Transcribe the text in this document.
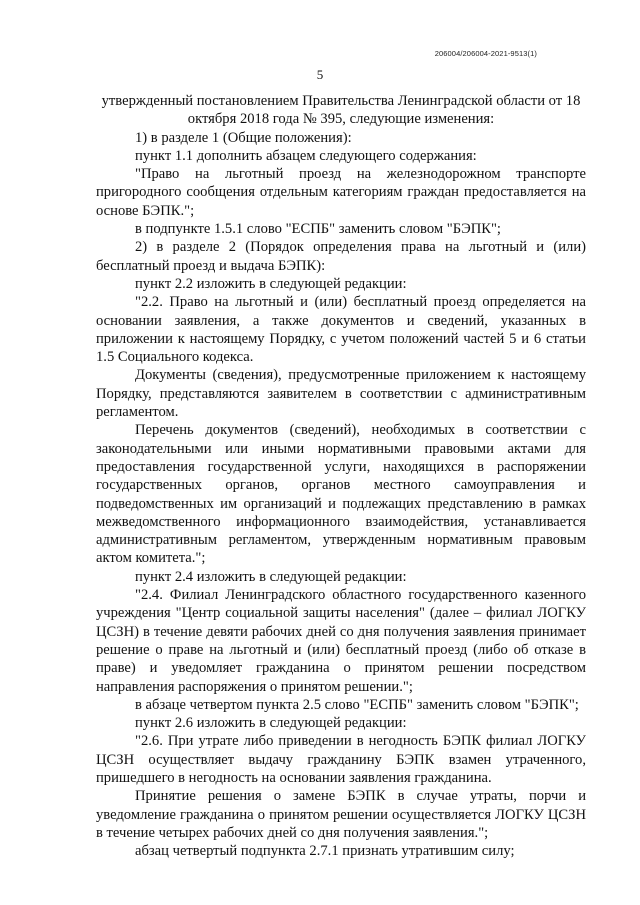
206004/206004-2021-9513(1)
5

утвержденный постановлением Правительства Ленинградской области от 18 октября 2018 года № 395, следующие изменения:

1) в разделе 1 (Общие положения):

пункт 1.1 дополнить абзацем следующего содержания:

"Право на льготный проезд на железнодорожном транспорте пригородного сообщения отдельным категориям граждан предоставляется на основе БЭПК.";

в подпункте 1.5.1 слово "ЕСПБ" заменить словом "БЭПК";

2) в разделе 2 (Порядок определения права на льготный и (или) бесплатный проезд и выдача БЭПК):

пункт 2.2 изложить в следующей редакции:

"2.2. Право на льготный и (или) бесплатный проезд определяется на основании заявления, а также документов и сведений, указанных в приложении к настоящему Порядку, с учетом положений частей 5 и 6 статьи 1.5 Социального кодекса.

Документы (сведения), предусмотренные приложением к настоящему Порядку, представляются заявителем в соответствии с административным регламентом.

Перечень документов (сведений), необходимых в соответствии с законодательными или иными нормативными правовыми актами для предоставления государственной услуги, находящихся в распоряжении государственных органов, органов местного самоуправления и подведомственных им организаций и подлежащих представлению в рамках межведомственного информационного взаимодействия, устанавливается административным регламентом, утвержденным нормативным правовым актом комитета.";

пункт 2.4 изложить в следующей редакции:

"2.4. Филиал Ленинградского областного государственного казенного учреждения "Центр социальной защиты населения" (далее – филиал ЛОГКУ ЦСЗН) в течение девяти рабочих дней со дня получения заявления принимает решение о праве на льготный и (или) бесплатный проезд (либо об отказе в праве) и уведомляет гражданина о принятом решении посредством направления распоряжения о принятом решении.";

в абзаце четвертом пункта 2.5 слово "ЕСПБ" заменить словом "БЭПК";

пункт 2.6 изложить в следующей редакции:

"2.6. При утрате либо приведении в негодность БЭПК филиал ЛОГКУ ЦСЗН осуществляет выдачу гражданину БЭПК взамен утраченного, пришедшего в негодность на основании заявления гражданина.

Принятие решения о замене БЭПК в случае утраты, порчи и уведомление гражданина о принятом решении осуществляется ЛОГКУ ЦСЗН в течение четырех рабочих дней со дня получения заявления.";

абзац четвертый подпункта 2.7.1 признать утратившим силу;
